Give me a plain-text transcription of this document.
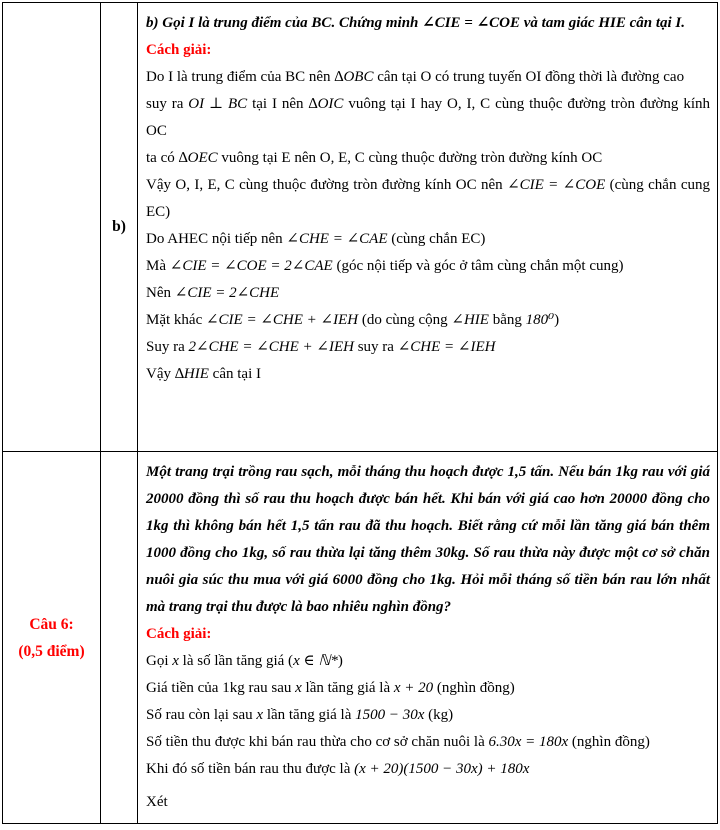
b)

b) Gọi I là trung điểm của BC. Chứng minh ∠CIE = ∠COE và tam giác HIE cân tại I.

Cách giải:

Do I là trung điểm của BC nên ∆OBC cân tại O có trung tuyến OI đồng thời là đường cao

suy ra OI ⊥ BC tại I nên ∆OIC vuông tại I hay O, I, C cùng thuộc đường tròn đường kính OC

ta có ∆OEC vuông tại E nên O, E, C cùng thuộc đường tròn đường kính OC

Vậy O, I, E, C cùng thuộc đường tròn đường kính OC nên ∠CIE = ∠COE (cùng chắn cung EC)

Do AHEC nội tiếp nên ∠CHE = ∠CAE (cùng chắn EC)

Mà ∠CIE = ∠COE = 2∠CAE (góc nội tiếp và góc ở tâm cùng chắn một cung)

Nên ∠CIE = 2∠CHE

Mặt khác ∠CIE = ∠CHE + ∠IEH (do cùng cộng ∠HIE bằng 180⁰)

Suy ra 2∠CHE = ∠CHE + ∠IEH suy ra ∠CHE = ∠IEH

Vậy ∆HIE cân tại I

Câu 6:
(0,5 điểm)

Một trang trại trồng rau sạch, mỗi tháng thu hoạch được 1,5 tấn. Nếu bán 1kg rau với giá 20000 đồng thì số rau thu hoạch được bán hết. Khi bán với giá cao hơn 20000 đồng cho 1kg thì không bán hết 1,5 tấn rau đã thu hoạch. Biết rằng cứ mỗi lần tăng giá bán thêm 1000 đồng cho 1kg, số rau thừa lại tăng thêm 30kg. Số rau thừa này được một cơ sở chăn nuôi gia súc thu mua với giá 6000 đồng cho 1kg. Hỏi mỗi tháng số tiền bán rau lớn nhất mà trang trại thu được là bao nhiêu nghìn đồng?

Cách giải:

Gọi x là số lần tăng giá (x ∈ ℕ*)

Giá tiền của 1kg rau sau x lần tăng giá là x + 20 (nghìn đồng)

Số rau còn lại sau x lần tăng giá là 1500 − 30x (kg)

Số tiền thu được khi bán rau thừa cho cơ sở chăn nuôi là 6.30x = 180x (nghìn đồng)

Khi đó số tiền bán rau thu được là (x + 20)(1500 − 30x) + 180x

Xét
